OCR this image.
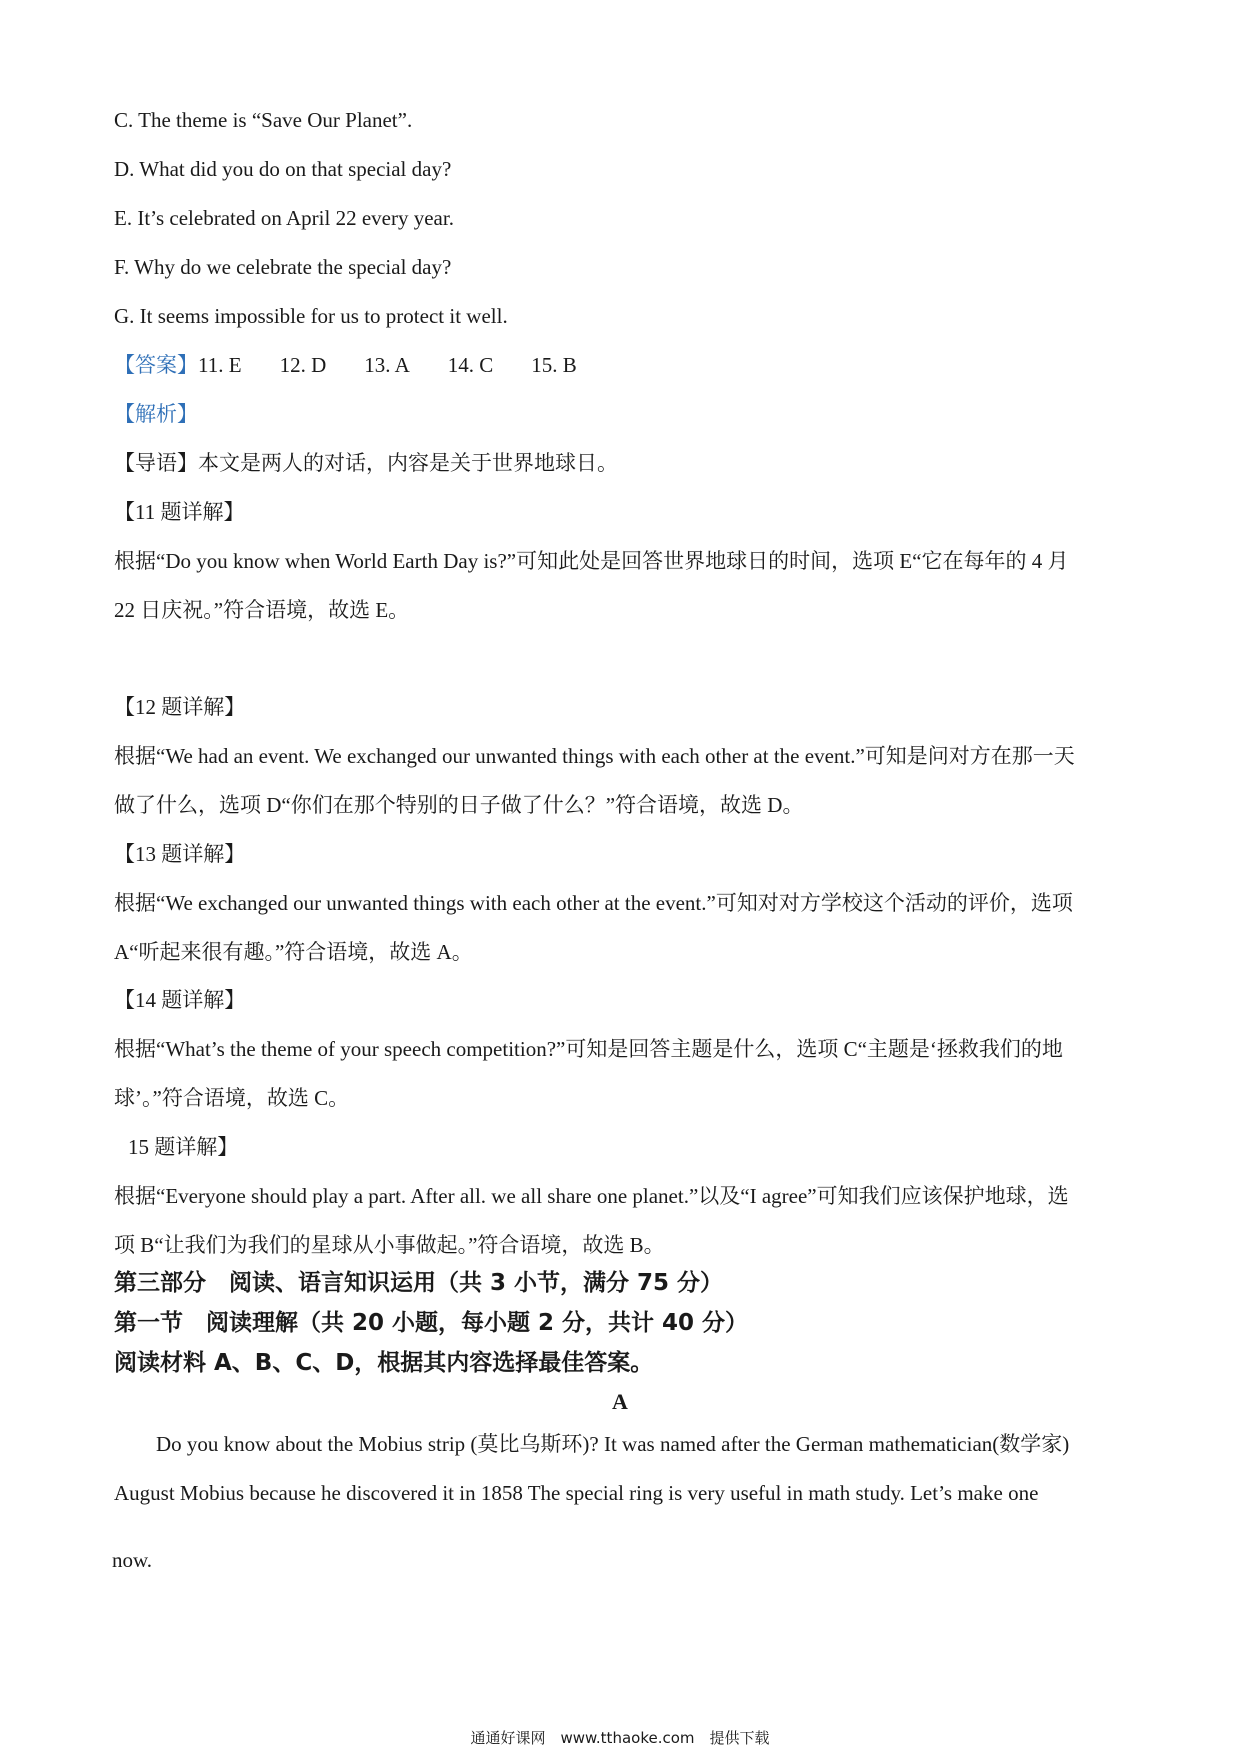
C. The theme is “Save Our Planet”.
D. What did you do on that special day?
E. It’s celebrated on April 22 every year.
F. Why do we celebrate the special day?
G. It seems impossible for us to protect it well.
【答案】11. E 12. D 13. A 14. C 15. B
【解析】
【导语】本文是两人的对话，内容是关于世界地球日。
【11 题详解】
根据“Do you know when World Earth Day is?”可知此处是回答世界地球日的时间，选项 E“它在每年的 4 月
22 日庆祝。”符合语境，故选 E。
【12 题详解】
根据“We had an event. We exchanged our unwanted things with each other at the event.”可知是问对方在那一天
做了什么，选项 D“你们在那个特别的日子做了什么？”符合语境，故选 D。
【13 题详解】
根据“We exchanged our unwanted things with each other at the event.”可知对对方学校这个活动的评价，选项
A“听起来很有趣。”符合语境，故选 A。
【14 题详解】
根据“What’s the theme of your speech competition?”可知是回答主题是什么，选项 C“主题是‘拯救我们的地
球’。”符合语境，故选 C。
15 题详解】
根据“Everyone should play a part. After all. we all share one planet.”以及“I agree”可知我们应该保护地球，选
项 B“让我们为我们的星球从小事做起。”符合语境，故选 B。
第三部分　阅读、语言知识运用（共 3 小节，满分 75 分）
第一节　阅读理解（共 20 小题，每小题 2 分，共计 40 分）
阅读材料 A、B、C、D，根据其内容选择最佳答案。
A
Do you know about the Mobius strip (莫比乌斯环)? It was named after the German mathematician(数学家)
August Mobius because he discovered it in 1858 The special ring is very useful in math study. Let’s make one
now.
通通好课网　www.tthaoke.com　提供下载
